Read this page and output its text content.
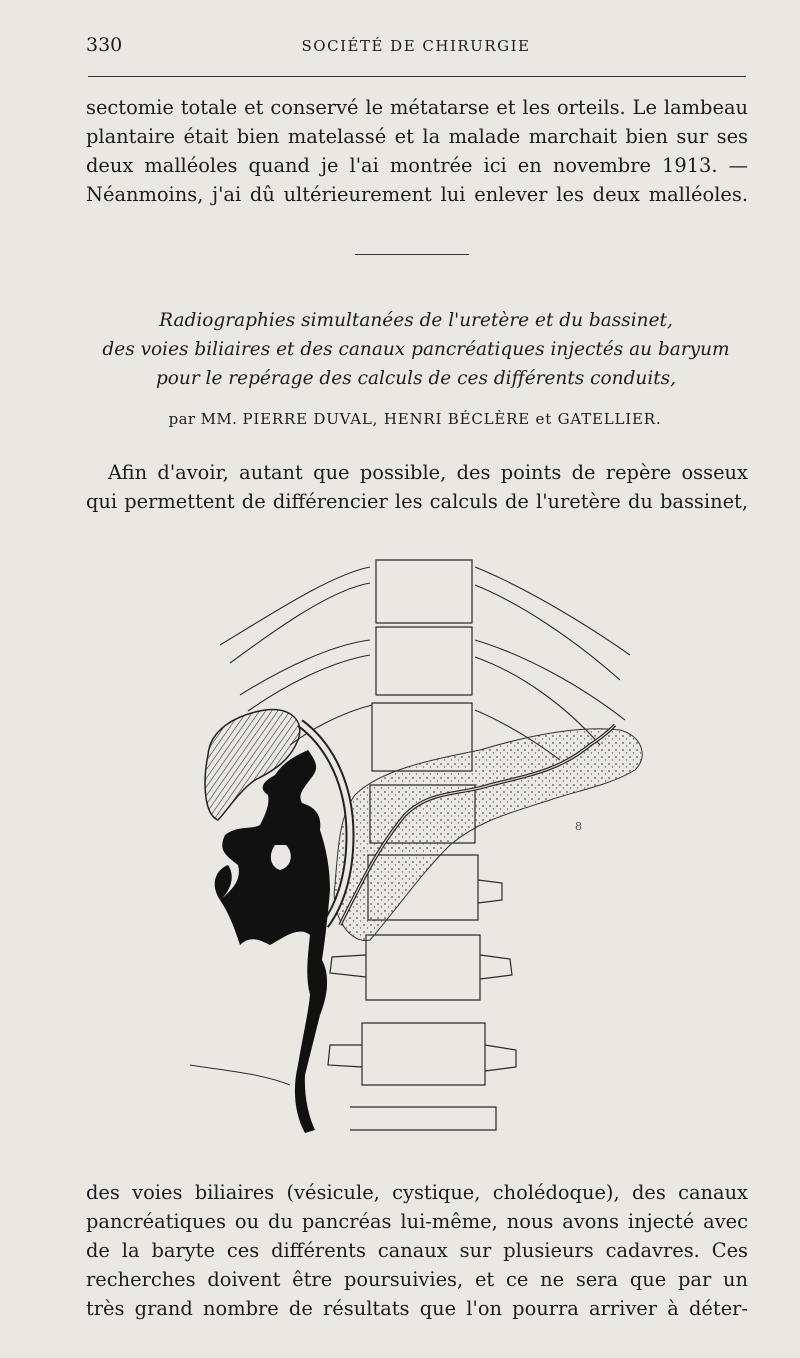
330	SOCIÉTÉ DE CHIRURGIE

sectomie totale et conservé le métatarse et les orteils. Le lambeau
plantaire était bien matelassé et la malade marchait bien sur ses
deux malléoles quand je l'ai montrée ici en novembre 1913. —
Néanmoins, j'ai dû ultérieurement lui enlever les deux malléoles.

Radiographies simultanées de l'uretère et du bassinet,
des voies biliaires et des canaux pancréatiques injectés au baryum
pour le repérage des calculs de ces différents conduits,

par MM. PIERRE DUVAL, HENRI BÉCLÈRE et GATELLIER.

Afin d'avoir, autant que possible, des points de repère osseux
qui permettent de différencier les calculs de l'uretère du bassinet,

8

des voies biliaires (vésicule, cystique, cholédoque), des canaux
pancréatiques ou du pancréas lui-même, nous avons injecté avec
de la baryte ces différents canaux sur plusieurs cadavres. Ces
recherches doivent être poursuivies, et ce ne sera que par un
très grand nombre de résultats que l'on pourra arriver à déter-
